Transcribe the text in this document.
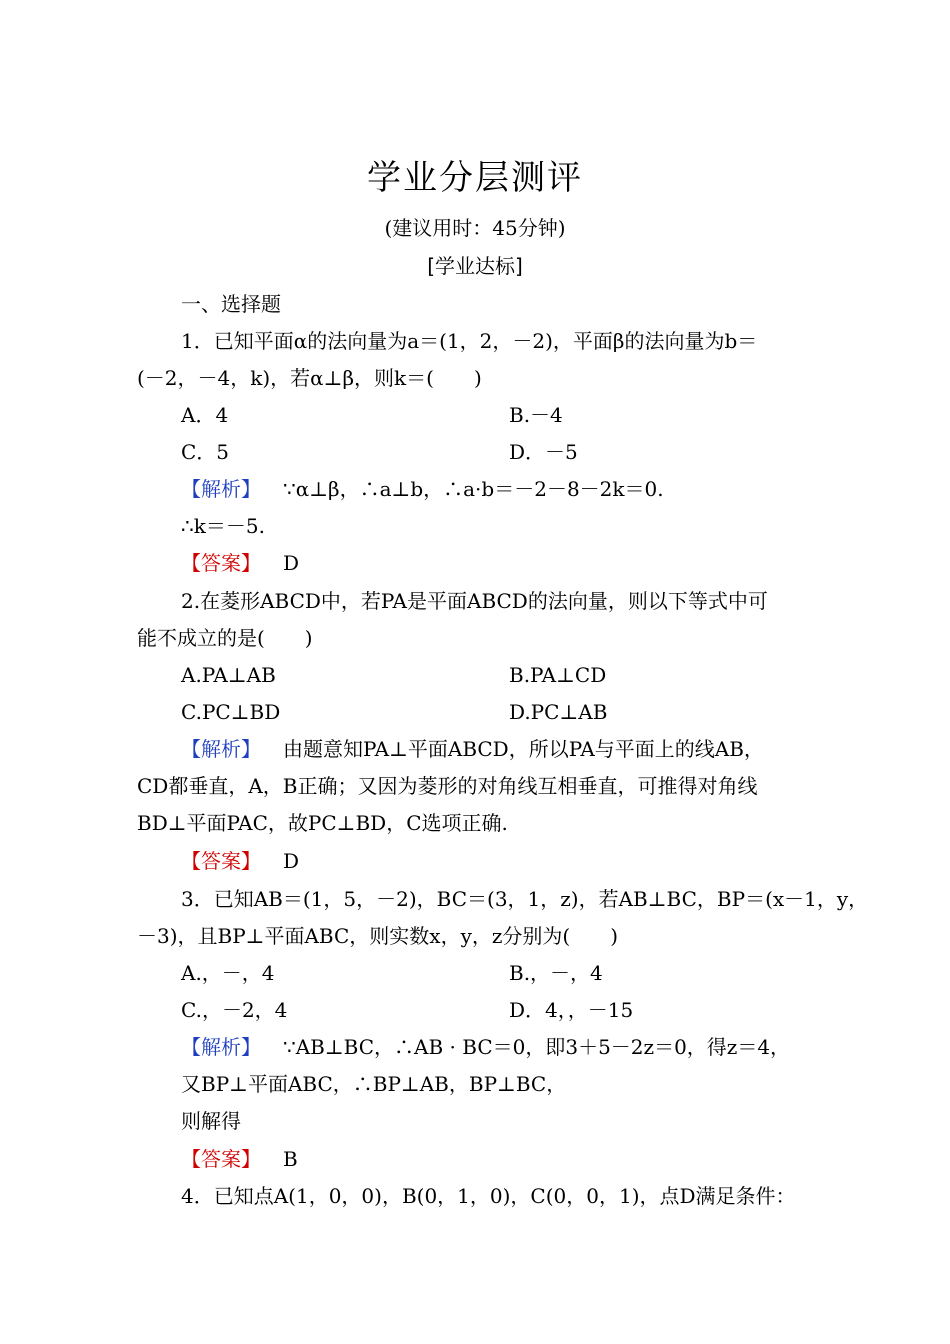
学业分层测评
(建议用时：45分钟)
[学业达标]
一、选择题
1．已知平面α的法向量为a＝(1，2，－2)，平面β的法向量为b＝
(－2，－4，k)，若α⊥β，则k＝(　　)
A．4	B.－4
C．5	D．－5
【解析】 ∵α⊥β，∴a⊥b，∴a·b＝－2－8－2k＝0.
∴k＝－5.
【答案】 D
2.在菱形ABCD中，若PA是平面ABCD的法向量，则以下等式中可
能不成立的是(　　)
A.PA⊥AB	B.PA⊥CD
C.PC⊥BD	D.PC⊥AB
【解析】 由题意知PA⊥平面ABCD，所以PA与平面上的线AB，
CD都垂直，A，B正确；又因为菱形的对角线互相垂直，可推得对角线
BD⊥平面PAC，故PC⊥BD，C选项正确.
【答案】 D
3．已知AB＝(1，5，－2)，BC＝(3，1，z)，若AB⊥BC，BP＝(x－1，y，
－3)，且BP⊥平面ABC，则实数x，y，z分别为(　　)
A.，－，4	B.，－，4
C.，－2，4	D．4，，－15
【解析】 ∵AB⊥BC，∴AB · BC＝0，即3＋5－2z＝0，得z＝4，
又BP⊥平面ABC，∴BP⊥AB，BP⊥BC，
则解得
【答案】 B
4．已知点A(1，0，0)，B(0，1，0)，C(0，0，1)，点D满足条件：
